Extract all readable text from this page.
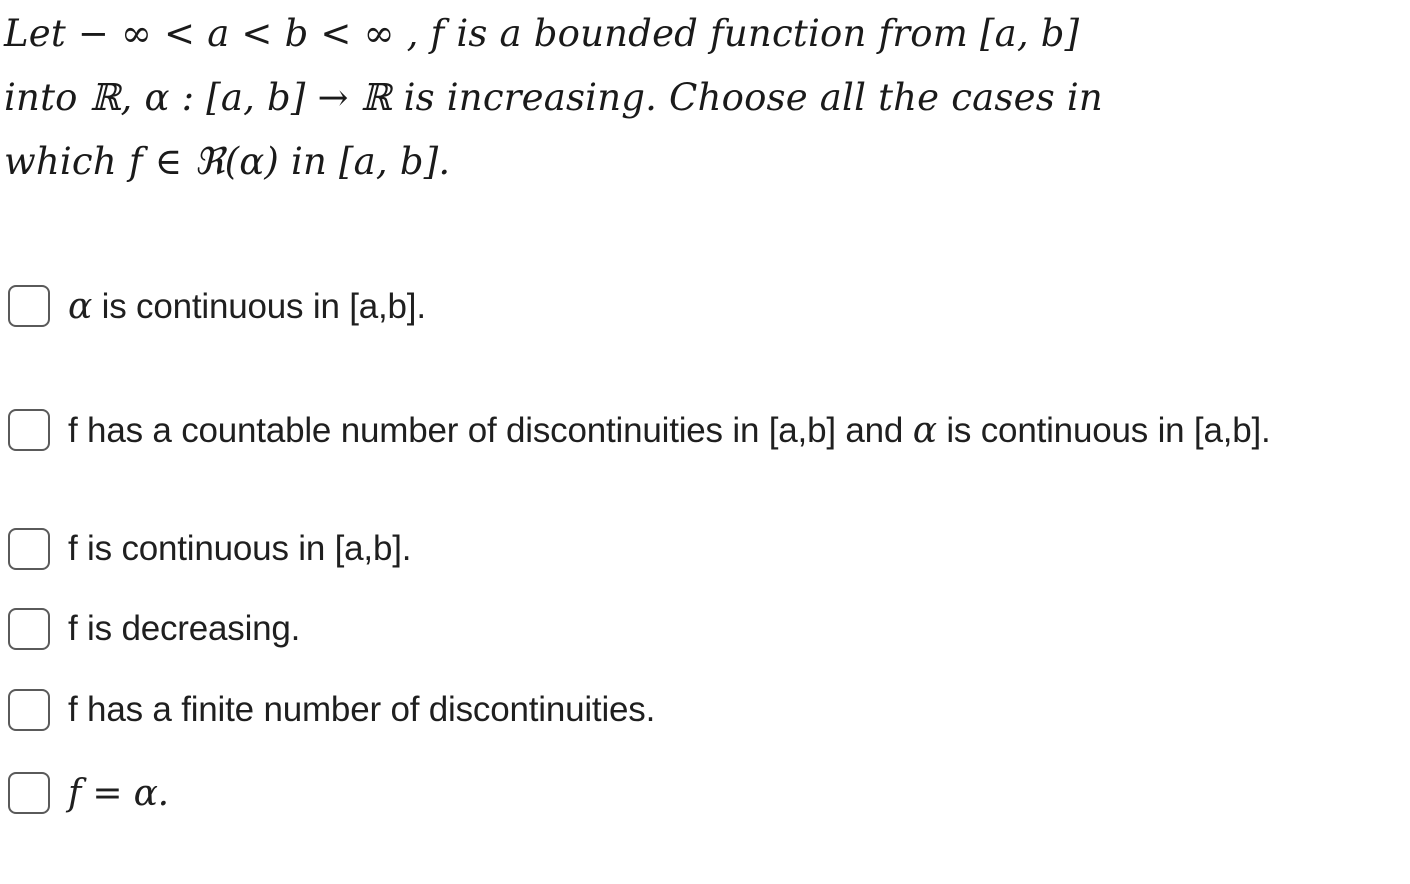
Let − ∞ < a < b < ∞ , f is a bounded function from [a, b]
into ℝ, α : [a, b] → ℝ is increasing. Choose all the cases in
which f ∈ ℜ(α) in [a, b].
α is continuous in [a,b].
f has a countable number of discontinuities in [a,b] and α is continuous in [a,b].
f is continuous in [a,b].
f is decreasing.
f has a finite number of discontinuities.
f = α.
